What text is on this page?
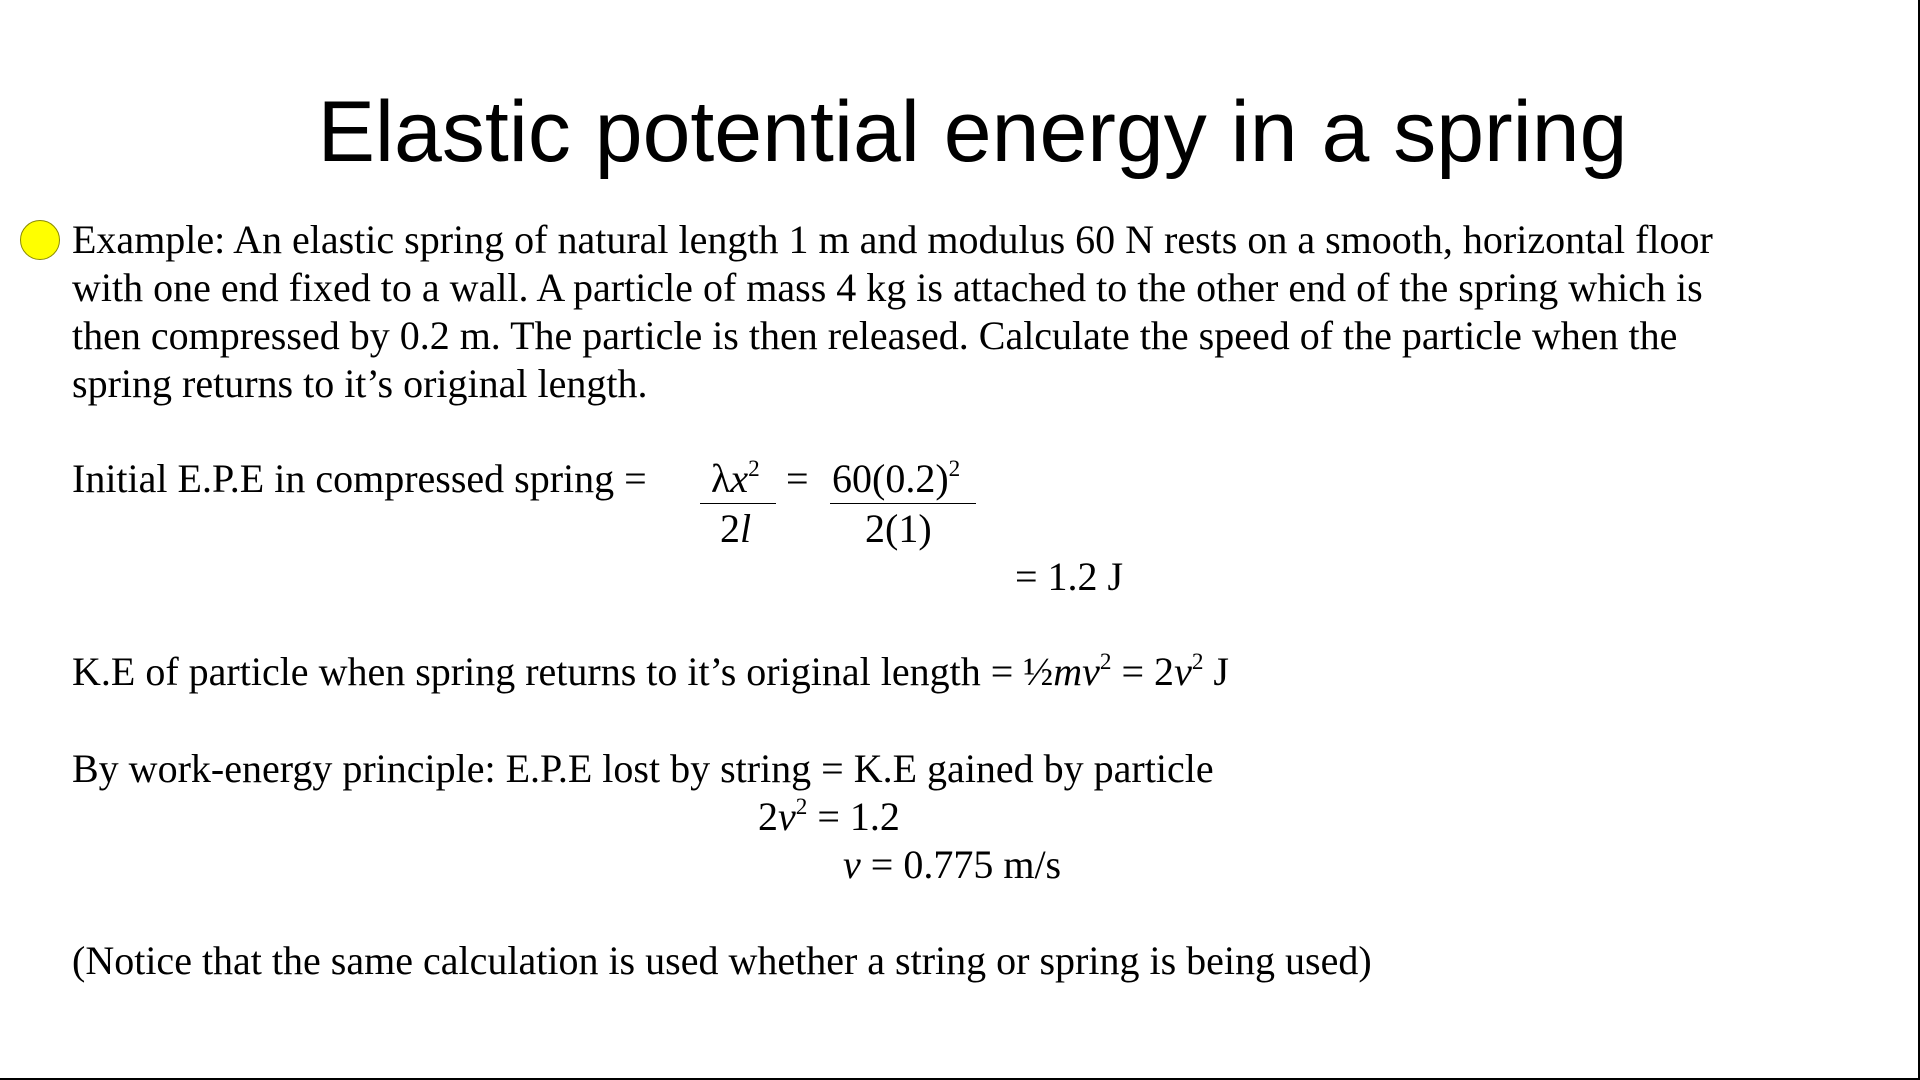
Elastic potential energy in a spring
Example: An elastic spring of natural length 1 m and modulus 60 N rests on a smooth, horizontal floor
with one end fixed to a wall. A particle of mass 4 kg is attached to the other end of the spring which is
then compressed by 0.2 m. The particle is then released. Calculate the speed of the particle when the
spring returns to it’s original length.
Initial E.P.E in compressed spring = $\lambda x^2$
2l
= $60(0.2)^2$
2(1)
= 1.2 J
K.E of particle when spring returns to it’s original length = $\frac{1}{2}mv^2 = 2v^2$ J
By work-energy principle: E.P.E lost by string = K.E gained by particle
$2v^2 = 1.2$
v = 0.775 m/s
(Notice that the same calculation is used whether a string or spring is being used)
